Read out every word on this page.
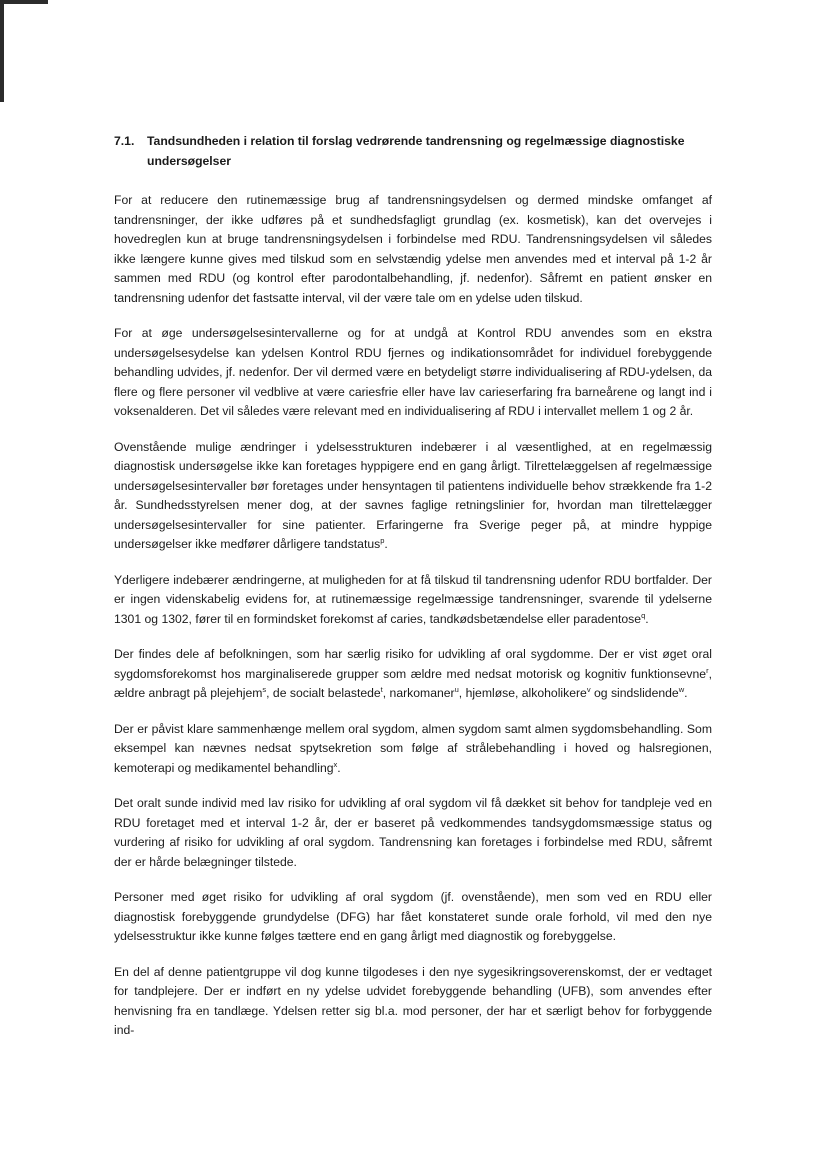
7.1.	Tandsundheden i relation til forslag vedrørende tandrensning og regelmæssige diagnostiske undersøgelser

For at reducere den rutinemæssige brug af tandrensningsydelsen og dermed mindske omfanget af tandrensninger, der ikke udføres på et sundhedsfagligt grundlag (ex. kosmetisk), kan det overvejes i hovedreglen kun at bruge tandrensningsydelsen i forbindelse med RDU. Tandrensningsydelsen vil således ikke længere kunne gives med tilskud som en selvstændig ydelse men anvendes med et interval på 1-2 år sammen med RDU (og kontrol efter parodontalbehandling, jf. nedenfor). Såfremt en patient ønsker en tandrensning udenfor det fastsatte interval, vil der være tale om en ydelse uden tilskud.

For at øge undersøgelsesintervallerne og for at undgå at Kontrol RDU anvendes som en ekstra undersøgelsesydelse kan ydelsen Kontrol RDU fjernes og indikationsområdet for individuel forebyggende behandling udvides, jf. nedenfor. Der vil dermed være en betydeligt større individualisering af RDU-ydelsen, da flere og flere personer vil vedblive at være cariesfrie eller have lav carieserfaring fra barneårene og langt ind i voksenalderen. Det vil således være relevant med en individualisering af RDU i intervallet mellem 1 og 2 år.

Ovenstående mulige ændringer i ydelsesstrukturen indebærer i al væsentlighed, at en regelmæssig diagnostisk undersøgelse ikke kan foretages hyppigere end en gang årligt. Tilrettelæggelsen af regelmæssige undersøgelsesintervaller bør foretages under hensyntagen til patientens individuelle behov strækkende fra 1-2 år. Sundhedsstyrelsen mener dog, at der savnes faglige retningslinier for, hvordan man tilrettelægger undersøgelsesintervaller for sine patienter. Erfaringerne fra Sverige peger på, at mindre hyppige undersøgelser ikke medfører dårligere tandstatus$^p$.

Yderligere indebærer ændringerne, at muligheden for at få tilskud til tandrensning udenfor RDU bortfalder. Der er ingen videnskabelig evidens for, at rutinemæssige regelmæssige tandrensninger, svarende til ydelserne 1301 og 1302, fører til en formindsket forekomst af caries, tandkødsbetændelse eller paradentose$^q$.

Der findes dele af befolkningen, som har særlig risiko for udvikling af oral sygdomme. Der er vist øget oral sygdomsforekomst hos marginaliserede grupper som ældre med nedsat motorisk og kognitiv funktionsevne$^r$, ældre anbragt på plejehjem$^s$, de socialt belastede$^t$, narkomaner$^u$, hjemløse, alkoholikere$^v$ og sindslidende$^w$.

Der er påvist klare sammenhænge mellem oral sygdom, almen sygdom samt almen sygdomsbehandling. Som eksempel kan nævnes nedsat spytsekretion som følge af strålebehandling i hoved og halsregionen, kemoterapi og medikamentel behandling$^x$.

Det oralt sunde individ med lav risiko for udvikling af oral sygdom vil få dækket sit behov for tandpleje ved en RDU foretaget med et interval 1-2 år, der er baseret på vedkommendes tandsygdomsmæssige status og vurdering af risiko for udvikling af oral sygdom. Tandrensning kan foretages i forbindelse med RDU, såfremt der er hårde belægninger tilstede.

Personer med øget risiko for udvikling af oral sygdom (jf. ovenstående), men som ved en RDU eller diagnostisk forebyggende grundydelse (DFG) har fået konstateret sunde orale forhold, vil med den nye ydelsesstruktur ikke kunne følges tættere end en gang årligt med diagnostik og forebyggelse.

En del af denne patientgruppe vil dog kunne tilgodeses i den nye sygesikringsoverenskomst, der er vedtaget for tandplejere. Der er indført en ny ydelse udvidet forebyggende behandling (UFB), som anvendes efter henvisning fra en tandlæge. Ydelsen retter sig bl.a. mod personer, der har et særligt behov for forbyggende ind-
